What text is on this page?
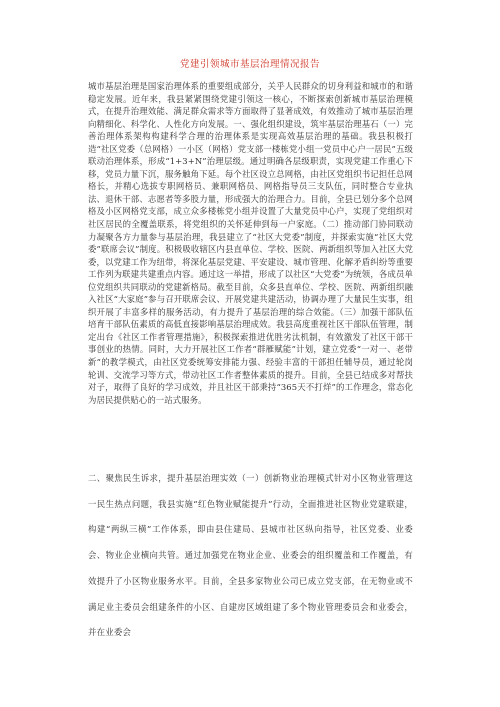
党建引领城市基层治理情况报告

城市基层治理是国家治理体系的重要组成部分，关乎人民群众的切身利益和城市的和谐稳定发展。近年来，我县紧紧围绕党建引领这一核心，不断探索创新城市基层治理模式，在提升治理效能、满足群众需求等方面取得了显著成效，有效推动了城市基层治理向精细化、科学化、人性化方向发展。一、强化组织建设，筑牢基层治理基石（一）完善治理体系架构构建科学合理的治理体系是实现高效基层治理的基础。我县积极打造“社区党委（总网格）一小区（网格）党支部一楼栋党小组一党员中心户一居民”五级联动治理体系，形成“1+3+N”治理层级。通过明确各层级职责，实现党建工作重心下移，党员力量下沉，服务触角下延。每个社区设立总网格，由社区党组织书记担任总网格长，并精心选拔专职网格员、兼职网格员、网格指导员三支队伍，同时整合专业执法、退休干部、志愿者等多股力量，形成强大的治理合力。目前，全县已划分多个总网格及小区网格党支部，成立众多楼栋党小组并设置了大量党员中心户，实现了党组织对社区居民的全覆盖联系，将党组织的关怀延伸到每一户家庭。（二）推动部门协同联动力凝聚各方力量参与基层治理，我县建立了“社区大党委”制度，并探索实施“社区大党委”联席会议”制度。积极吸收辖区内县直单位、学校、医院、两新组织等加入社区大党委，以党建工作为纽带，将深化基层党建、平安建设、城市管理、化解矛盾纠纷等重要工作列为联建共建重点内容。通过这一举措，形成了以社区“大党委”为统领，各成员单位党组织共同联动的党建新格局。截至目前，众多县直单位、学校、医院、两新组织融入社区“大家庭”参与召开联席会议、开展党建共建活动，协调办理了大量民生实事，组织开展了丰富多样的服务活动，有力提升了基层治理的综合效能。（三）加强干部队伍培育干部队伍素质的高低直接影响基层治理成效。我县高度重视社区干部队伍管理，制定出台《社区工作者管理措施》，积极探索推进优胜劣汰机制，有效激发了社区干部干事创业的热情。同时，大力开展社区工作者“群雁赋能”计划，建立党委“一对一、老带新”的教学模式，由社区党委统筹安排能力强、经验丰富的干部担任辅导员，通过轮岗轮训、交流学习等方式，带动社区工作者整体素质的提升。目前，全县已结成多对帮扶对子，取得了良好的学习成效，并且社区干部秉持“365天不打烊”的工作理念，常态化为居民提供贴心的一站式服务。

二、聚焦民生诉求，提升基层治理实效（一）创新物业治理模式针对小区物业管理这一民生热点问题，我县实施“红色物业赋能提升”行动，全面推进社区物业党建联建，构建“两纵三横”工作体系，即由县住建局、县城市社区纵向指导，社区党委、业委会、物业企业横向共管。通过加强党在物业企业、业委会的组织覆盖和工作覆盖，有效提升了小区物业服务水平。目前，全县多家物业公司已成立党支部，在无物业或不满足业主委员会组建条件的小区、自建房区域组建了多个物业管理委员会和业委会，并在业委会
